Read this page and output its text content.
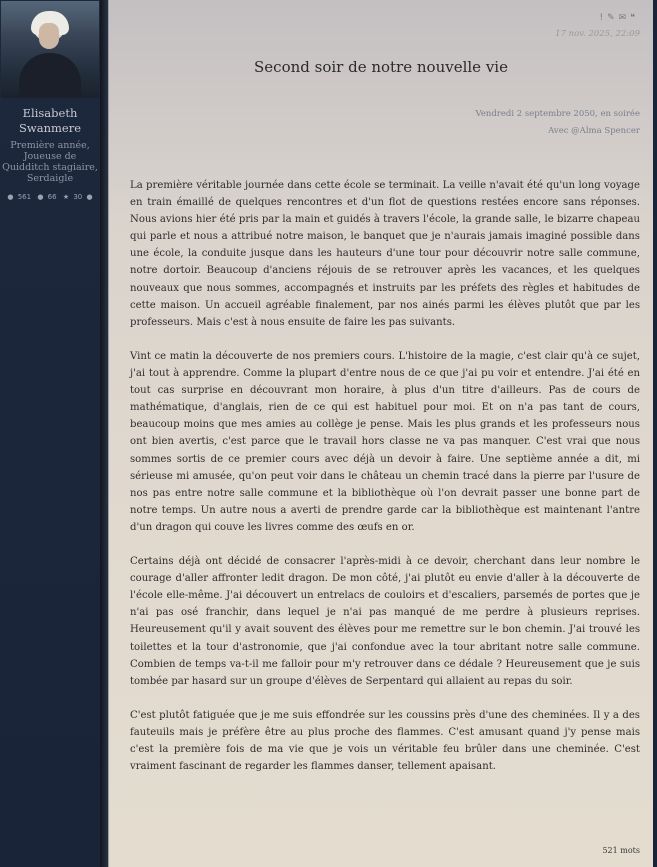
Elisabeth
Swanmere
Première année,
Joueuse de
Quidditch stagiaire,
Serdaigle
● 561 ● 66 ★ 30 ●
!✎✉❝
17 nov. 2025, 22:09
Second soir de notre nouvelle vie
Vendredi 2 septembre 2050, en soirée
Avec @Alma Spencer

La première véritable journée dans cette école se terminait. La veille n'avait été qu'un long voyage en train émaillé de quelques rencontres et d'un flot de questions restées encore sans réponses. Nous avions hier été pris par la main et guidés à travers l'école, la grande salle, le bizarre chapeau qui parle et nous a attribué notre maison, le banquet que je n'aurais jamais imaginé possible dans une école, la conduite jusque dans les hauteurs d'une tour pour découvrir notre salle commune, notre dortoir. Beaucoup d'anciens réjouis de se retrouver après les vacances, et les quelques nouveaux que nous sommes, accompagnés et instruits par les préfets des règles et habitudes de cette maison. Un accueil agréable finalement, par nos ainés parmi les élèves plutôt que par les professeurs. Mais c'est à nous ensuite de faire les pas suivants.

Vint ce matin la découverte de nos premiers cours. L'histoire de la magie, c'est clair qu'à ce sujet, j'ai tout à apprendre. Comme la plupart d'entre nous de ce que j'ai pu voir et entendre. J'ai été en tout cas surprise en découvrant mon horaire, à plus d'un titre d'ailleurs. Pas de cours de mathématique, d'anglais, rien de ce qui est habituel pour moi. Et on n'a pas tant de cours, beaucoup moins que mes amies au collège je pense. Mais les plus grands et les professeurs nous ont bien avertis, c'est parce que le travail hors classe ne va pas manquer. C'est vrai que nous sommes sortis de ce premier cours avec déjà un devoir à faire. Une septième année a dit, mi sérieuse mi amusée, qu'on peut voir dans le château un chemin tracé dans la pierre par l'usure de nos pas entre notre salle commune et la bibliothèque où l'on devrait passer une bonne part de notre temps. Un autre nous a averti de prendre garde car la bibliothèque est maintenant l'antre d'un dragon qui couve les livres comme des œufs en or.

Certains déjà ont décidé de consacrer l'après-midi à ce devoir, cherchant dans leur nombre le courage d'aller affronter ledit dragon. De mon côté, j'ai plutôt eu envie d'aller à la découverte de l'école elle-même. J'ai découvert un entrelacs de couloirs et d'escaliers, parsemés de portes que je n'ai pas osé franchir, dans lequel je n'ai pas manqué de me perdre à plusieurs reprises. Heureusement qu'il y avait souvent des élèves pour me remettre sur le bon chemin. J'ai trouvé les toilettes et la tour d'astronomie, que j'ai confondue avec la tour abritant notre salle commune. Combien de temps va-t-il me falloir pour m'y retrouver dans ce dédale ? Heureusement que je suis tombée par hasard sur un groupe d'élèves de Serpentard qui allaient au repas du soir.

C'est plutôt fatiguée que je me suis effondrée sur les coussins près d'une des cheminées. Il y a des fauteuils mais je préfère être au plus proche des flammes. C'est amusant quand j'y pense mais c'est la première fois de ma vie que je vois un véritable feu brûler dans une cheminée. C'est vraiment fascinant de regarder les flammes danser, tellement apaisant.

521 mots
